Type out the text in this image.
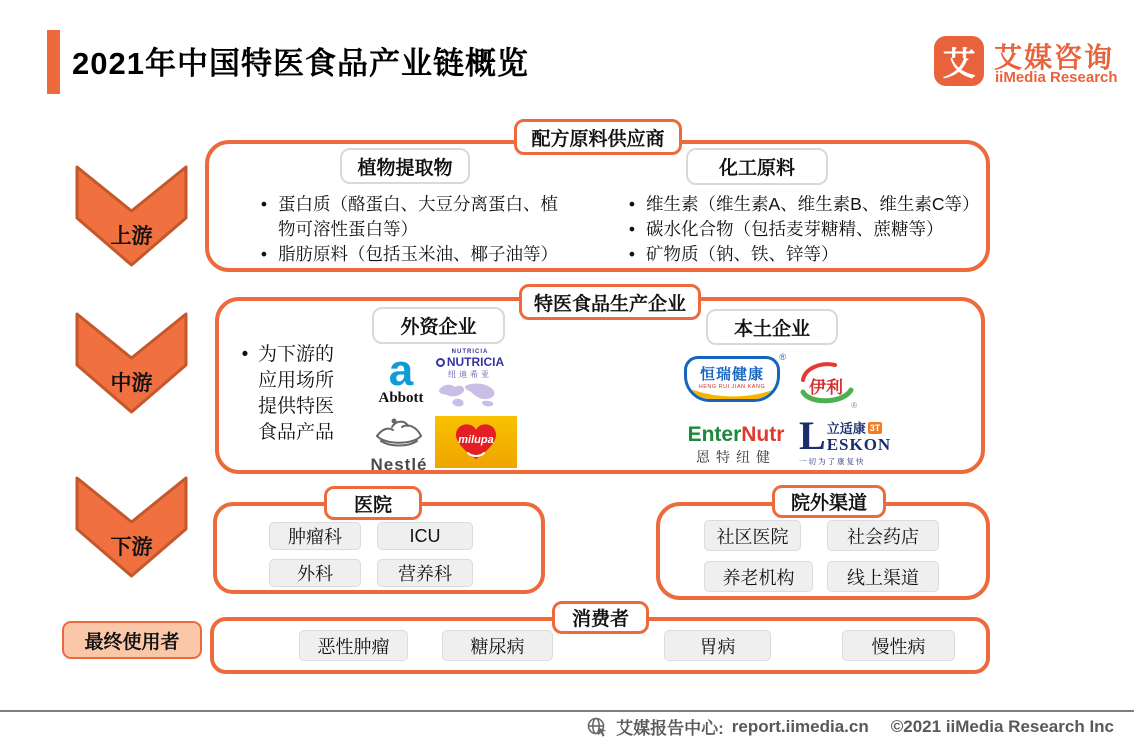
2021年中国特医食品产业链概览	艾 艾媒咨询
iiMedia Research
上游
中游
下游
最终使用者
配方原料供应商
植物提取物	化工原料
• 蛋白质（酪蛋白、大豆分离蛋白、植物可溶性蛋白等）
• 脂肪原料（包括玉米油、椰子油等）
• 维生素（维生素A、维生素B、维生素C等）
• 碳水化合物（包括麦芽糖精、蔗糖等）
• 矿物质（钠、铁、锌等）
特医食品生产企业
外资企业	本土企业
• 为下游的应用场所提供特医食品产品
a
Abbott
NUTRICIA
NUTRICIA
纽迪希亚
Nestlé
milupa
恒瑞健康
HENG RUI JIAN KANG
®
伊利
®
EnterNutr
恩特纽健 L 立适康 3T
ESKON
一切为了康复快
医院
肿瘤科	ICU
外科	营养科
院外渠道
社区医院	社会药店
养老机构	线上渠道
消费者
恶性肿瘤	糖尿病	胃病	慢性病
艾媒报告中心: report.iimedia.cn ©2021 iiMedia Research Inc
